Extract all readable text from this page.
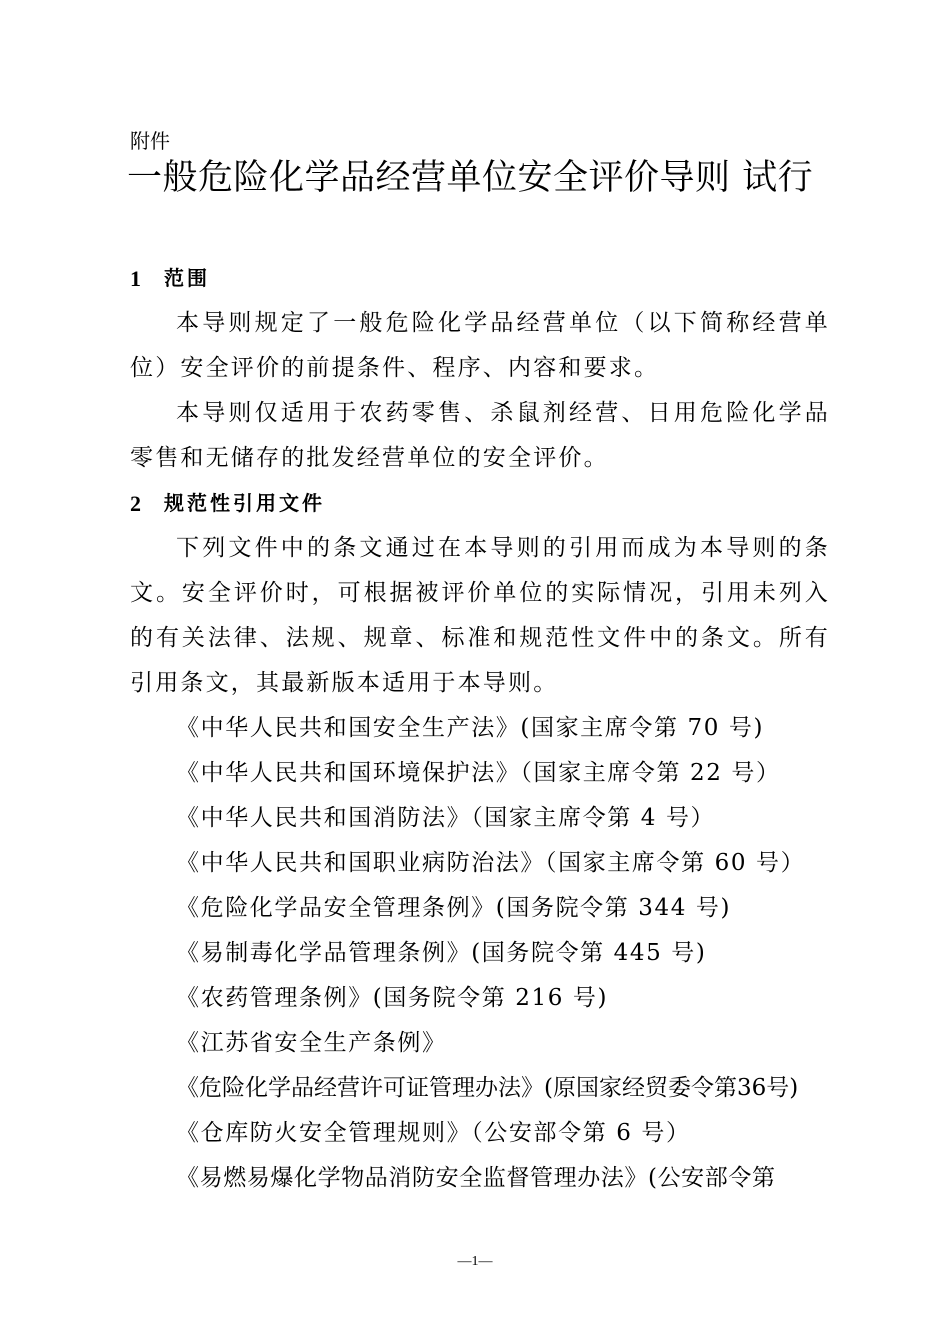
附件
一般危险化学品经营单位安全评价导则 试行
1	范围
本导则规定了一般危险化学品经营单位（以下简称经营单位）安全评价的前提条件、程序、内容和要求。
本导则仅适用于农药零售、杀鼠剂经营、日用危险化学品零售和无储存的批发经营单位的安全评价。
2	规范性引用文件
下列文件中的条文通过在本导则的引用而成为本导则的条文。安全评价时，可根据被评价单位的实际情况，引用未列入的有关法律、法规、规章、标准和规范性文件中的条文。所有引用条文，其最新版本适用于本导则。
《中华人民共和国安全生产法》(国家主席令第 70 号)
《中华人民共和国环境保护法》（国家主席令第 22 号）
《中华人民共和国消防法》（国家主席令第 4 号）
《中华人民共和国职业病防治法》（国家主席令第 60 号）
《危险化学品安全管理条例》(国务院令第 344 号)
《易制毒化学品管理条例》(国务院令第 445 号)
《农药管理条例》(国务院令第 216 号)
《江苏省安全生产条例》
《危险化学品经营许可证管理办法》(原国家经贸委令第36号)
《仓库防火安全管理规则》（公安部令第 6 号）
《易燃易爆化学物品消防安全监督管理办法》(公安部令第
—1—
